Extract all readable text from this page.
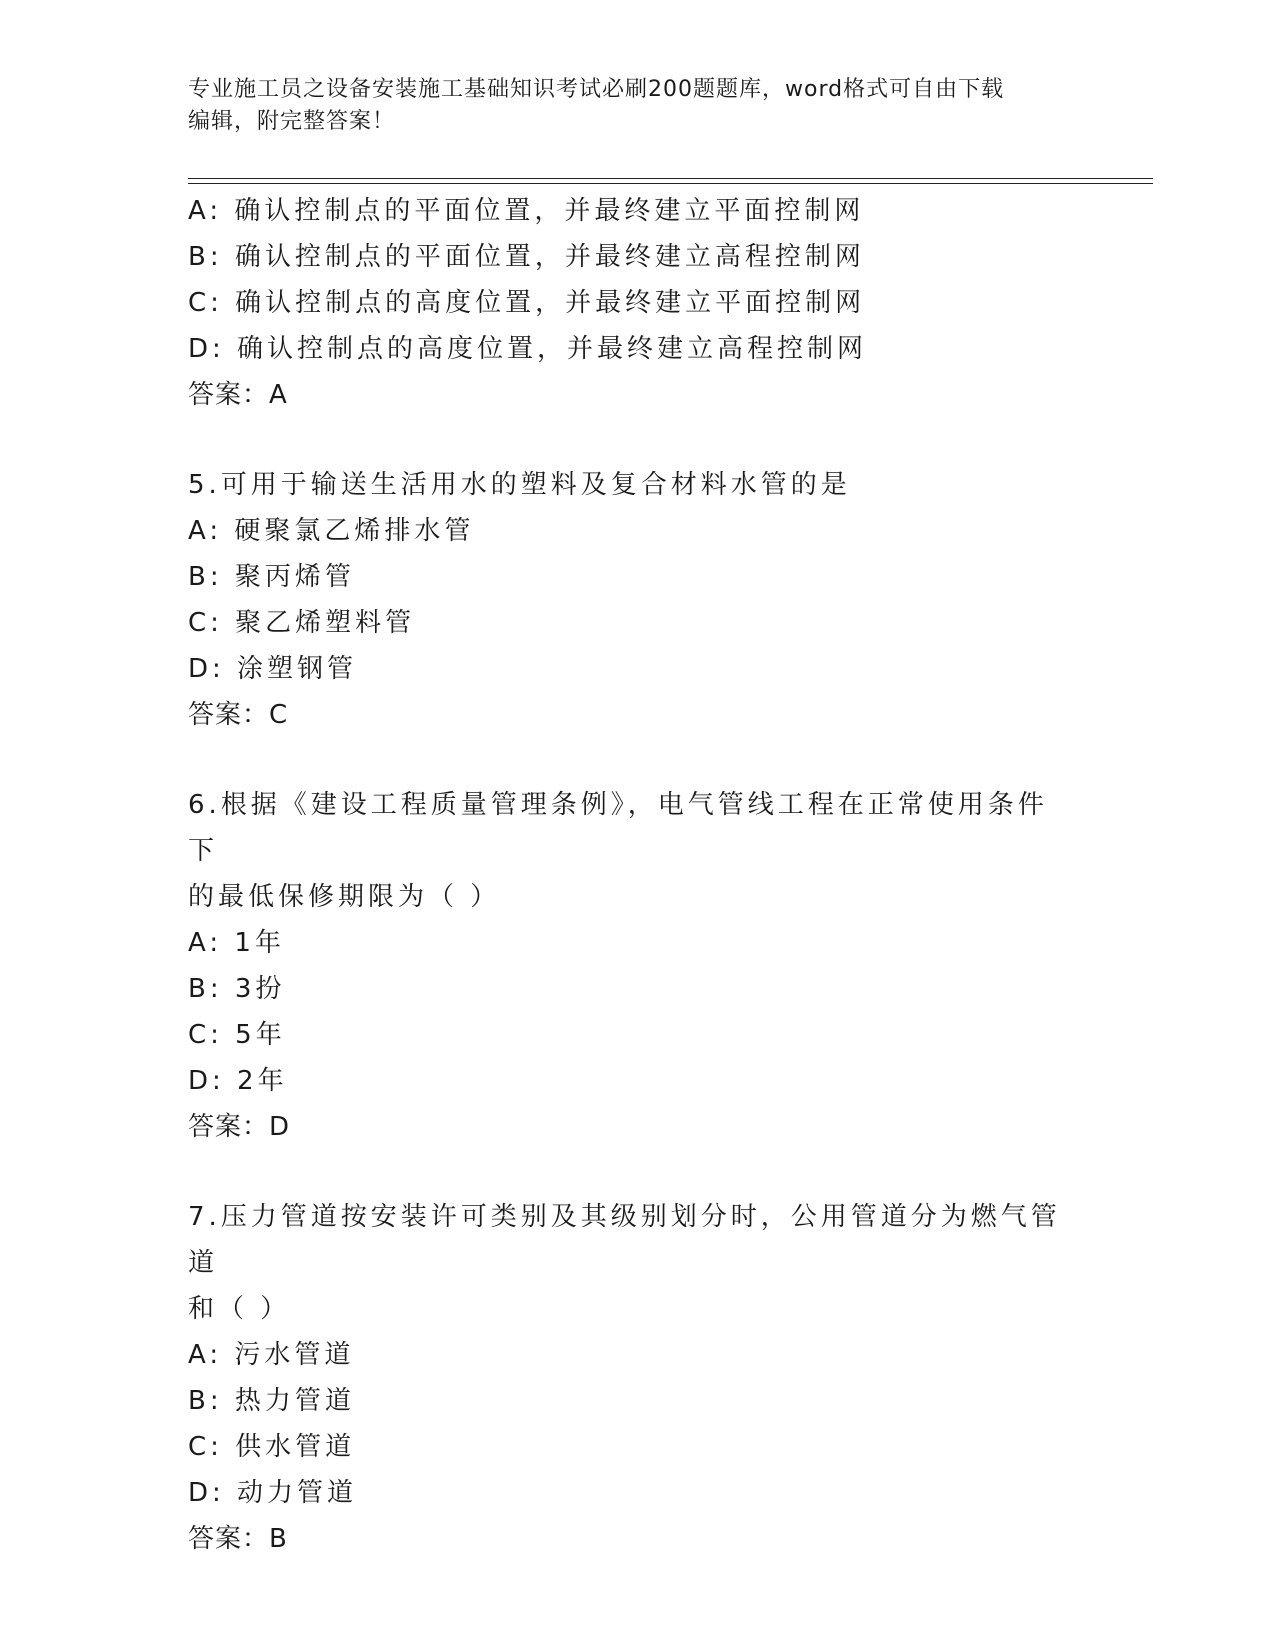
专业施工员之设备安装施工基础知识考试必刷200题题库，word格式可自由下载
编辑，附完整答案！
A: 确认控制点的平面位置，并最终建立平面控制网
B: 确认控制点的平面位置，并最终建立高程控制网
C: 确认控制点的高度位置，并最终建立平面控制网
D: 确认控制点的高度位置，并最终建立高程控制网
答案：A
5.可用于输送生活用水的塑料及复合材料水管的是
A: 硬聚氯乙烯排水管
B: 聚丙烯管
C: 聚乙烯塑料管
D: 涂塑钢管
答案：C
6.根据《建设工程质量管理条例》，电气管线工程在正常使用条件下
的最低保修期限为（ ）
A: 1年
B: 3扮
C: 5年
D: 2年
答案：D
7.压力管道按安装许可类别及其级别划分时，公用管道分为燃气管道
和（ ）
A: 污水管道
B: 热力管道
C: 供水管道
D: 动力管道
答案：B
